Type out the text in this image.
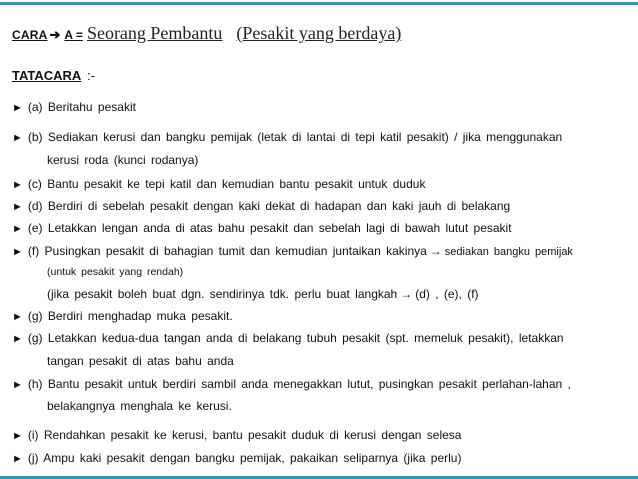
CARA ➔ A = Seorang Pembantu (Pesakit yang berdaya)
TATACARA :-
► (a) Beritahu pesakit
► (b) Sediakan kerusi dan bangku pemijak (letak di lantai di tepi katil pesakit) / jika menggunakan
kerusi roda (kunci rodanya)
► (c) Bantu pesakit ke tepi katil dan kemudian bantu pesakit untuk duduk
► (d) Berdiri di sebelah pesakit dengan kaki dekat di hadapan dan kaki jauh di belakang
► (e) Letakkan lengan anda di atas bahu pesakit dan sebelah lagi di bawah lutut pesakit
► (f) Pusingkan pesakit di bahagian tumit dan kemudian juntaikan kakinya → sediakan bangku pemijak
(untuk pesakit yang rendah)
(jika pesakit boleh buat dgn. sendirinya tdk. perlu buat langkah → (d) , (e), (f)
► (g) Berdiri menghadap muka pesakit.
► (g) Letakkan kedua-dua tangan anda di belakang tubuh pesakit (spt. memeluk pesakit), letakkan
tangan pesakit di atas bahu anda
► (h) Bantu pesakit untuk berdiri sambil anda menegakkan lutut, pusingkan pesakit perlahan-lahan ,
belakangnya menghala ke kerusi.
► (i) Rendahkan pesakit ke kerusi, bantu pesakit duduk di kerusi dengan selesa
► (j) Ampu kaki pesakit dengan bangku pemijak, pakaikan seliparnya (jika perlu)
